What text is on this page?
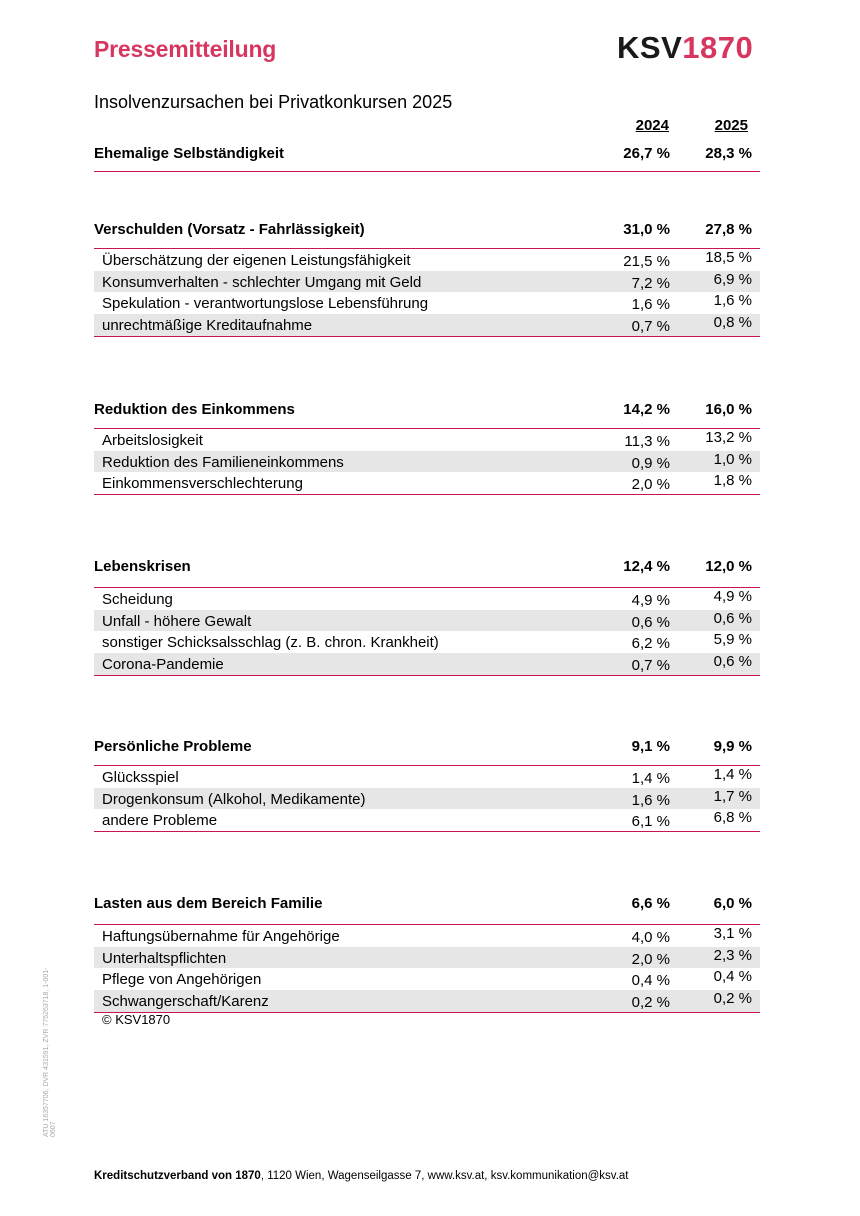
Pressemitteilung	KSV1870
Insolvenzursachen bei Privatkonkursen 2025
2024	2025
Ehemalige Selbständigkeit	26,7 % 28,3 %
Verschulden (Vorsatz - Fahrlässigkeit)	31,0 % 27,8 %
Überschätzung der eigenen Leistungsfähigkeit	21,5 % 18,5 %
Konsumverhalten - schlechter Umgang mit Geld	7,2 %	6,9 %
Spekulation - verantwortungslose Lebensführung	1,6 %	1,6 %
unrechtmäßige Kreditaufnahme	0,7 %	0,8 %
Reduktion des Einkommens	14,2 % 16,0 %
Arbeitslosigkeit	11,3 % 13,2 %
Reduktion des Familieneinkommens	0,9 %	1,0 %
Einkommensverschlechterung	2,0 %	1,8 %
Lebenskrisen	12,4 % 12,0 %
Scheidung	4,9 %	4,9 %
Unfall - höhere Gewalt	0,6 %	0,6 %
sonstiger Schicksalsschlag (z. B. chron. Krankheit)	6,2 %	5,9 %
Corona-Pandemie	0,7 %	0,6 %
Persönliche Probleme	9,1 %	9,9 %
Glücksspiel	1,4 %	1,4 %
Drogenkonsum (Alkohol, Medikamente)	1,6 %	1,7 %
andere Probleme	6,1 %	6,8 %
Lasten aus dem Bereich Familie	6,6 %	6,0 %
Haftungsübernahme für Angehörige	4,0 %	3,1 %
Unterhaltspflichten	2,0 %	2,3 %
Pflege von Angehörigen	0,4 %	0,4 %
Schwangerschaft/Karenz	0,2 %	0,2 %
© KSV1870
ATU 16357706, DVR 431591, ZVR 775263718, 1-001-0607
Kreditschutzverband von 1870, 1120 Wien, Wagenseilgasse 7, www.ksv.at, ksv.kommunikation@ksv.at
